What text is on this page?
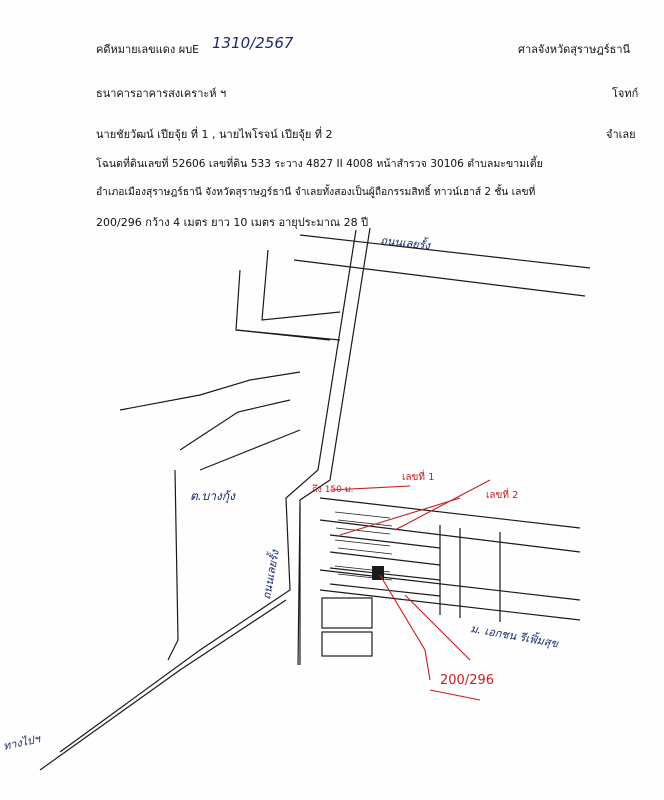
คดีหมายเลขแดง ผบE 1310/2567	ศาลจังหวัดสุราษฎร์ธานี
ธนาคารอาคารสงเคราะห์ ฯ	โจทก์
นายชัยวัฒน์ เปียจุ้ย ที่ 1 , นายไพโรจน์ เปียจุ้ย ที่ 2	จำเลย
โฉนดที่ดินเลขที่ 52606 เลขที่ดิน 533 ระวาง 4827 II 4008 หน้าสำรวจ 30106 ตำบลมะขามเตี้ย
อำเภอเมืองสุราษฎร์ธานี จังหวัดสุราษฎร์ธานี จำเลยทั้งสองเป็นผู้ถือกรรมสิทธิ์ ทาวน์เฮาส์ 2 ชั้น เลขที่
200/296 กว้าง 4 เมตร ยาว 10 เมตร อายุประมาณ 28 ปี
ถนนเลยรั้ง
ถนนเลยรั้ง
ต.บางกุ้ง
ทางไปฯ
ถึง 150 ม.
เลขที่ 1
เลขที่ 2
ม. เอกชน รีเฟิ้มสุข
200/296
